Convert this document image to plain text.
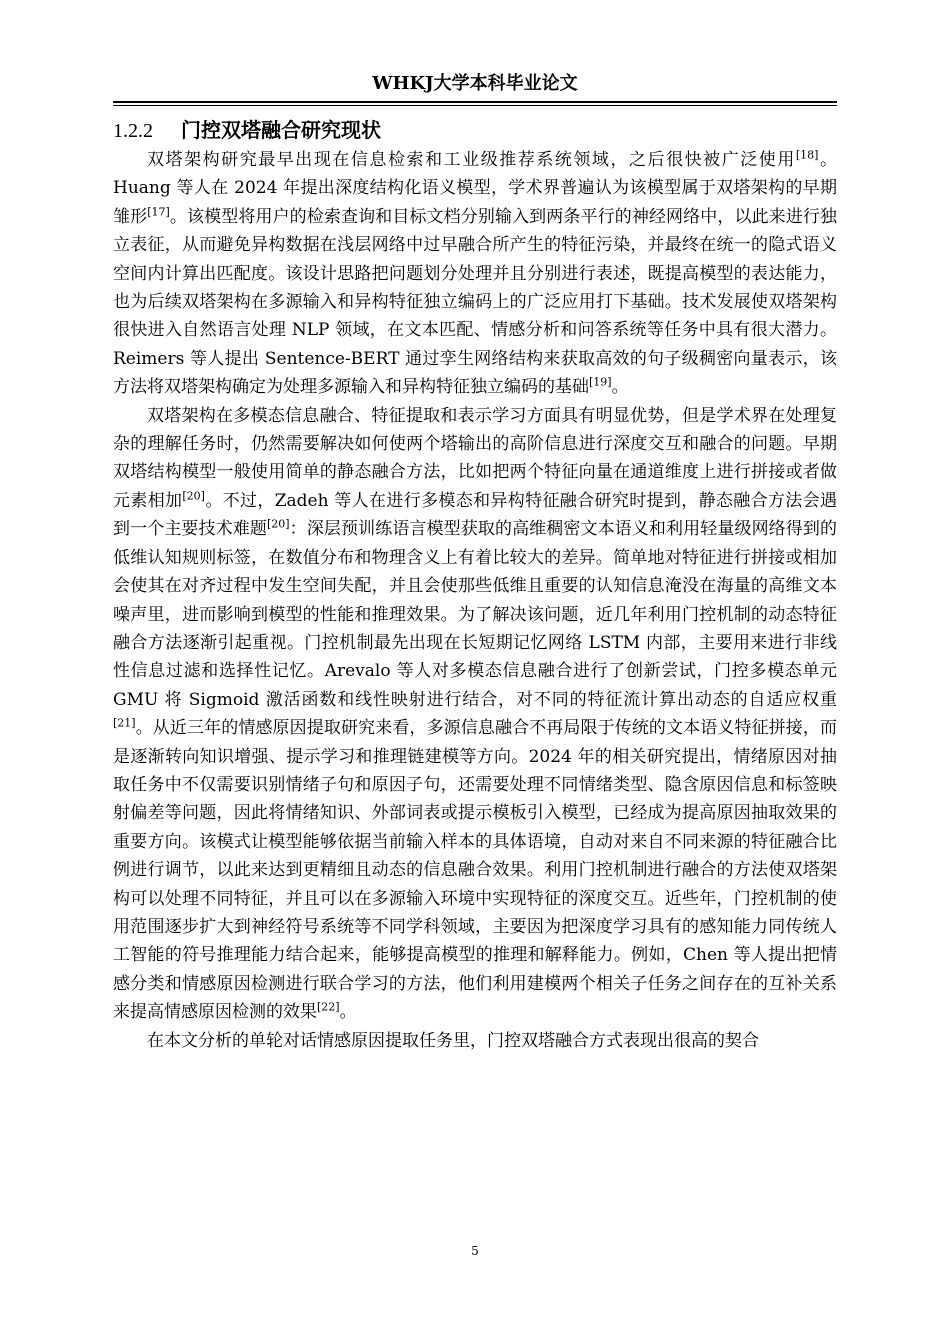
WHKJ大学本科毕业论文
1.2.2 门控双塔融合研究现状

双塔架构研究最早出现在信息检索和工业级推荐系统领域，之后很快被广泛使用[18]。Huang 等人在 2024 年提出深度结构化语义模型，学术界普遍认为该模型属于双塔架构的早期雏形[17]。该模型将用户的检索查询和目标文档分别输入到两条平行的神经网络中，以此来进行独立表征，从而避免异构数据在浅层网络中过早融合所产生的特征污染，并最终在统一的隐式语义空间内计算出匹配度。该设计思路把问题划分处理并且分别进行表述，既提高模型的表达能力，也为后续双塔架构在多源输入和异构特征独立编码上的广泛应用打下基础。技术发展使双塔架构很快进入自然语言处理 NLP 领域，在文本匹配、情感分析和问答系统等任务中具有很大潜力。Reimers 等人提出 Sentence-BERT 通过孪生网络结构来获取高效的句子级稠密向量表示，该方法将双塔架构确定为处理多源输入和异构特征独立编码的基础[19]。

双塔架构在多模态信息融合、特征提取和表示学习方面具有明显优势，但是学术界在处理复杂的理解任务时，仍然需要解决如何使两个塔输出的高阶信息进行深度交互和融合的问题。早期双塔结构模型一般使用简单的静态融合方法，比如把两个特征向量在通道维度上进行拼接或者做元素相加[20]。不过，Zadeh 等人在进行多模态和异构特征融合研究时提到，静态融合方法会遇到一个主要技术难题[20]：深层预训练语言模型获取的高维稠密文本语义和利用轻量级网络得到的低维认知规则标签，在数值分布和物理含义上有着比较大的差异。简单地对特征进行拼接或相加会使其在对齐过程中发生空间失配，并且会使那些低维且重要的认知信息淹没在海量的高维文本噪声里，进而影响到模型的性能和推理效果。为了解决该问题，近几年利用门控机制的动态特征融合方法逐渐引起重视。门控机制最先出现在长短期记忆网络 LSTM 内部，主要用来进行非线性信息过滤和选择性记忆。Arevalo 等人对多模态信息融合进行了创新尝试，门控多模态单元 GMU 将 Sigmoid 激活函数和线性映射进行结合，对不同的特征流计算出动态的自适应权重[21]。从近三年的情感原因提取研究来看，多源信息融合不再局限于传统的文本语义特征拼接，而是逐渐转向知识增强、提示学习和推理链建模等方向。2024 年的相关研究提出，情绪原因对抽取任务中不仅需要识别情绪子句和原因子句，还需要处理不同情绪类型、隐含原因信息和标签映射偏差等问题，因此将情绪知识、外部词表或提示模板引入模型，已经成为提高原因抽取效果的重要方向。该模式让模型能够依据当前输入样本的具体语境，自动对来自不同来源的特征融合比例进行调节，以此来达到更精细且动态的信息融合效果。利用门控机制进行融合的方法使双塔架构可以处理不同特征，并且可以在多源输入环境中实现特征的深度交互。近些年，门控机制的使用范围逐步扩大到神经符号系统等不同学科领域，主要因为把深度学习具有的感知能力同传统人工智能的符号推理能力结合起来，能够提高模型的推理和解释能力。例如，Chen 等人提出把情感分类和情感原因检测进行联合学习的方法，他们利用建模两个相关子任务之间存在的互补关系来提高情感原因检测的效果[22]。

在本文分析的单轮对话情感原因提取任务里，门控双塔融合方式表现出很高的契合

5
